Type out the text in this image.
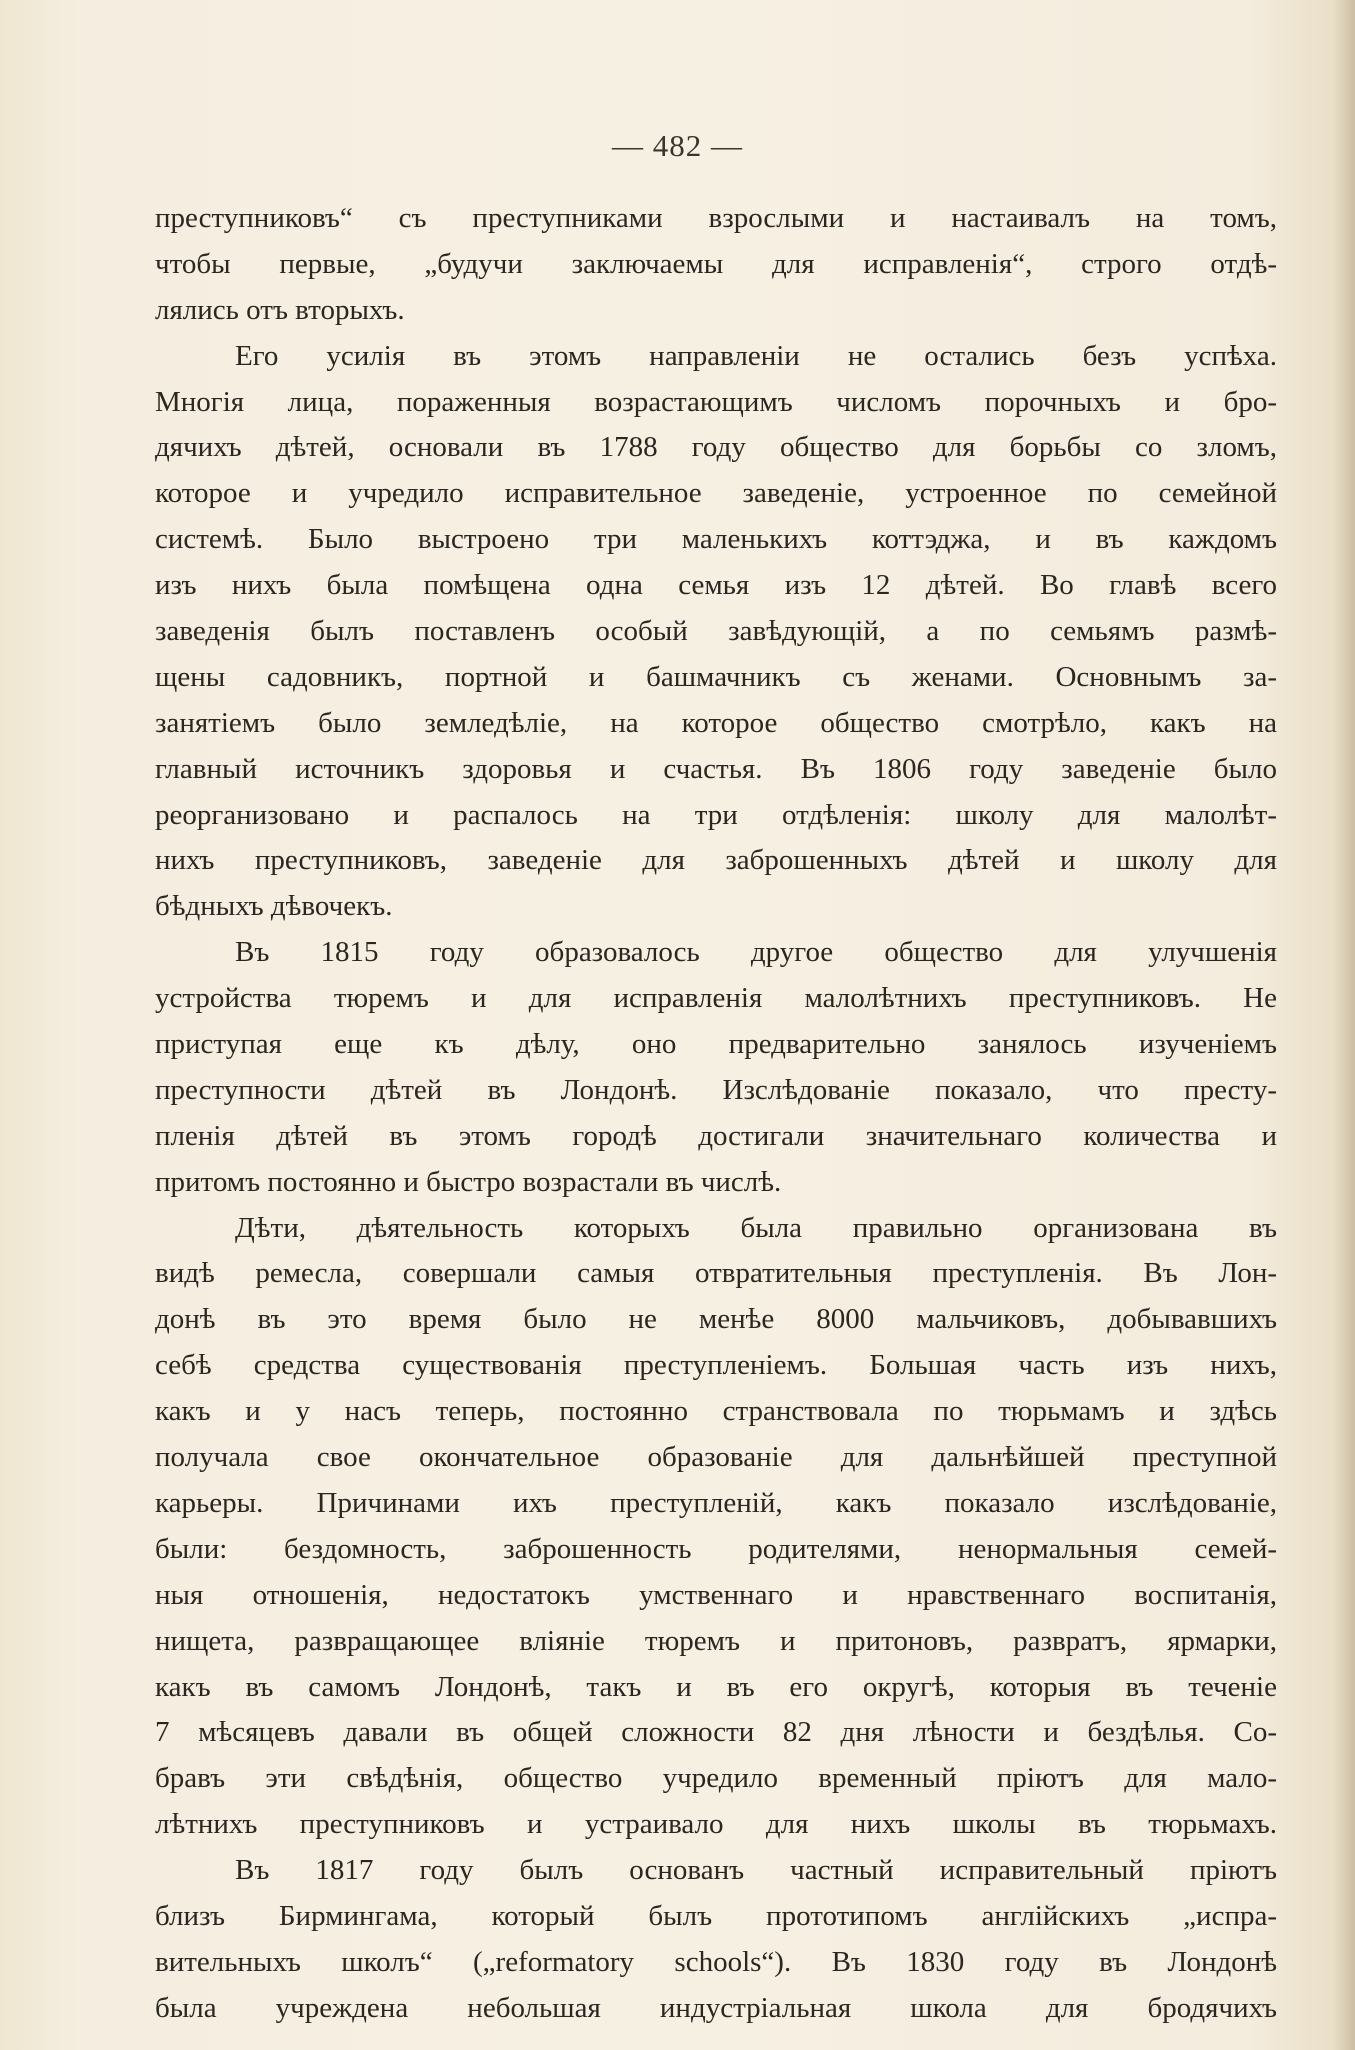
— 482 —
преступниковъ“ съ преступниками взрослыми и настаивалъ на томъ,
чтобы первые, „будучи заключаемы для исправленія“, строго отдѣ-
лялись отъ вторыхъ.
Его усилія въ этомъ направленіи не остались безъ успѣха.
Многія лица, пораженныя возрастающимъ числомъ порочныхъ и бро-
дячихъ дѣтей, основали въ 1788 году общество для борьбы со зломъ,
которое и учредило исправительное заведеніе, устроенное по семейной
системѣ. Было выстроено три маленькихъ коттэджа, и въ каждомъ
изъ нихъ была помѣщена одна семья изъ 12 дѣтей. Во главѣ всего
заведенія былъ поставленъ особый завѣдующій, а по семьямъ размѣ-
щены садовникъ, портной и башмачникъ съ женами. Основнымъ за-
занятіемъ было земледѣліе, на которое общество смотрѣло, какъ на
главный источникъ здоровья и счастья. Въ 1806 году заведеніе было
реорганизовано и распалось на три отдѣленія: школу для малолѣт-
нихъ преступниковъ, заведеніе для заброшенныхъ дѣтей и школу для
бѣдныхъ дѣвочекъ.
Въ 1815 году образовалось другое общество для улучшенія
устройства тюремъ и для исправленія малолѣтнихъ преступниковъ. Не
приступая еще къ дѣлу, оно предварительно занялось изученіемъ
преступности дѣтей въ Лондонѣ. Изслѣдованіе показало, что престу-
пленія дѣтей въ этомъ городѣ достигали значительнаго количества и
притомъ постоянно и быстро возрастали въ числѣ.
Дѣти, дѣятельность которыхъ была правильно организована въ
видѣ ремесла, совершали самыя отвратительныя преступленія. Въ Лон-
донѣ въ это время было не менѣе 8000 мальчиковъ, добывавшихъ
себѣ средства существованія преступленіемъ. Большая часть изъ нихъ,
какъ и у насъ теперь, постоянно странствовала по тюрьмамъ и здѣсь
получала свое окончательное образованіе для дальнѣйшей преступной
карьеры. Причинами ихъ преступленій, какъ показало изслѣдованіе,
были: бездомность, заброшенность родителями, ненормальныя семей-
ныя отношенія, недостатокъ умственнаго и нравственнаго воспитанія,
нищета, развращающее вліяніе тюремъ и притоновъ, развратъ, ярмарки,
какъ въ самомъ Лондонѣ, такъ и въ его округѣ, которыя въ теченіе
7 мѣсяцевъ давали въ общей сложности 82 дня лѣности и бездѣлья. Со-
бравъ эти свѣдѣнія, общество учредило временный пріютъ для мало-
лѣтнихъ преступниковъ и устраивало для нихъ школы въ тюрьмахъ.
Въ 1817 году былъ основанъ частный исправительный пріютъ
близъ Бирмингама, который былъ прототипомъ англійскихъ „испра-
вительныхъ школъ“ („reformatory schools“). Въ 1830 году въ Лондонѣ
была учреждена небольшая индустріальная школа для бродячихъ
